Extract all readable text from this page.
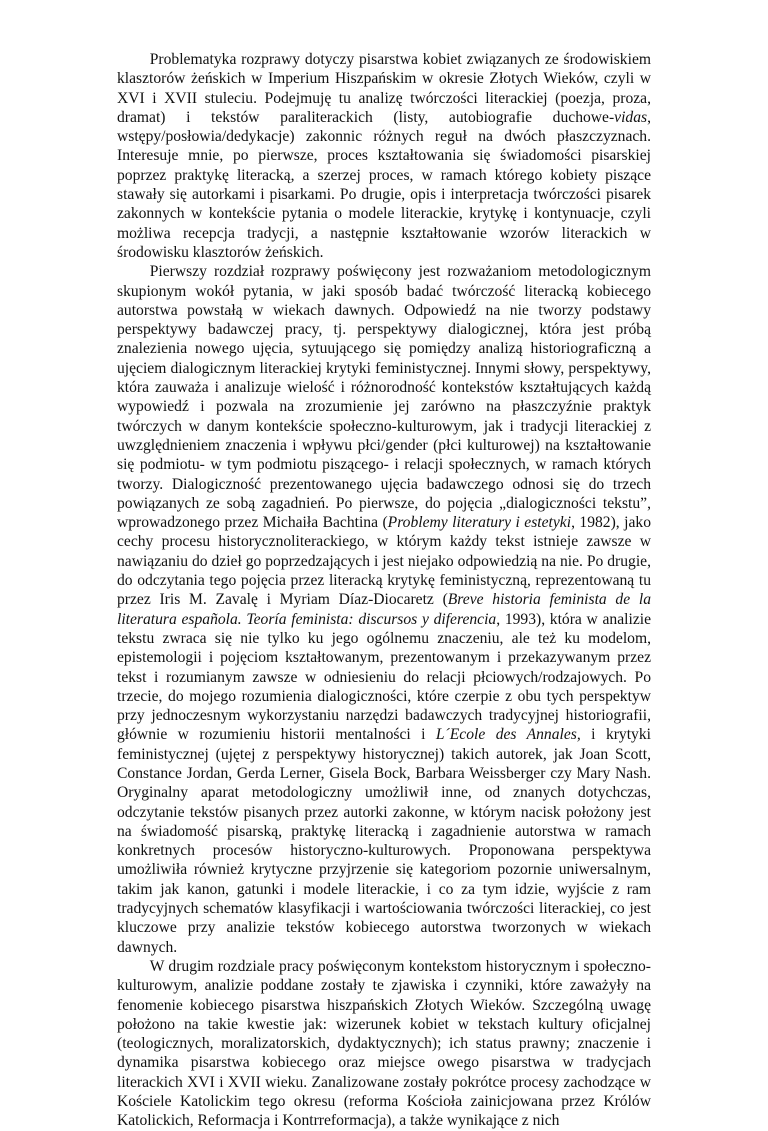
Problematyka rozprawy dotyczy pisarstwa kobiet związanych ze środowiskiem klasztorów żeńskich w Imperium Hiszpańskim w okresie Złotych Wieków, czyli w XVI i XVII stuleciu. Podejmuję tu analizę twórczości literackiej (poezja, proza, dramat) i tekstów paraliterackich (listy, autobiografie duchowe-vidas, wstępy/posłowia/dedykacje) zakonnic różnych reguł na dwóch płaszczyznach. Interesuje mnie, po pierwsze, proces kształtowania się świadomości pisarskiej poprzez praktykę literacką, a szerzej proces, w ramach którego kobiety piszące stawały się autorkami i pisarkami. Po drugie, opis i interpretacja twórczości pisarek zakonnych w kontekście pytania o modele literackie, krytykę i kontynuacje, czyli możliwa recepcja tradycji, a następnie kształtowanie wzorów literackich w środowisku klasztorów żeńskich.

Pierwszy rozdział rozprawy poświęcony jest rozważaniom metodologicznym skupionym wokół pytania, w jaki sposób badać twórczość literacką kobiecego autorstwa powstałą w wiekach dawnych. Odpowiedź na nie tworzy podstawy perspektywy badawczej pracy, tj. perspektywy dialogicznej, która jest próbą znalezienia nowego ujęcia, sytuującego się pomiędzy analizą historiograficzną a ujęciem dialogicznym literackiej krytyki feministycznej. Innymi słowy, perspektywy, która zauważa i analizuje wielość i różnorodność kontekstów kształtujących każdą wypowiedź i pozwala na zrozumienie jej zarówno na płaszczyźnie praktyk twórczych w danym kontekście społeczno-kulturowym, jak i tradycji literackiej z uwzględnieniem znaczenia i wpływu płci/gender (płci kulturowej) na kształtowanie się podmiotu- w tym podmiotu piszącego- i relacji społecznych, w ramach których tworzy. Dialogiczność prezentowanego ujęcia badawczego odnosi się do trzech powiązanych ze sobą zagadnień. Po pierwsze, do pojęcia „dialogiczności tekstu”, wprowadzonego przez Michaiła Bachtina (Problemy literatury i estetyki, 1982), jako cechy procesu historycznoliterackiego, w którym każdy tekst istnieje zawsze w nawiązaniu do dzieł go poprzedzających i jest niejako odpowiedzią na nie. Po drugie, do odczytania tego pojęcia przez literacką krytykę feministyczną, reprezentowaną tu przez Iris M. Zavalę i Myriam Díaz-Diocaretz (Breve historia feminista de la literatura española. Teoría feminista: discursos y diferencia, 1993), która w analizie tekstu zwraca się nie tylko ku jego ogólnemu znaczeniu, ale też ku modelom, epistemologii i pojęciom kształtowanym, prezentowanym i przekazywanym przez tekst i rozumianym zawsze w odniesieniu do relacji płciowych/rodzajowych. Po trzecie, do mojego rozumienia dialogiczności, które czerpie z obu tych perspektyw przy jednoczesnym wykorzystaniu narzędzi badawczych tradycyjnej historiografii, głównie w rozumieniu historii mentalności i L´Ecole des Annales, i krytyki feministycznej (ujętej z perspektywy historycznej) takich autorek, jak Joan Scott, Constance Jordan, Gerda Lerner, Gisela Bock, Barbara Weissberger czy Mary Nash. Oryginalny aparat metodologiczny umożliwił inne, od znanych dotychczas, odczytanie tekstów pisanych przez autorki zakonne, w którym nacisk położony jest na świadomość pisarską, praktykę literacką i zagadnienie autorstwa w ramach konkretnych procesów historyczno-kulturowych. Proponowana perspektywa umożliwiła również krytyczne przyjrzenie się kategoriom pozornie uniwersalnym, takim jak kanon, gatunki i modele literackie, i co za tym idzie, wyjście z ram tradycyjnych schematów klasyfikacji i wartościowania twórczości literackiej, co jest kluczowe przy analizie tekstów kobiecego autorstwa tworzonych w wiekach dawnych.

W drugim rozdziale pracy poświęconym kontekstom historycznym i społeczno-kulturowym, analizie poddane zostały te zjawiska i czynniki, które zaważyły na fenomenie kobiecego pisarstwa hiszpańskich Złotych Wieków. Szczególną uwagę położono na takie kwestie jak: wizerunek kobiet w tekstach kultury oficjalnej (teologicznych, moralizatorskich, dydaktycznych); ich status prawny; znaczenie i dynamika pisarstwa kobiecego oraz miejsce owego pisarstwa w tradycjach literackich XVI i XVII wieku. Zanalizowane zostały pokrótce procesy zachodzące w Kościele Katolickim tego okresu (reforma Kościoła zainicjowana przez Królów Katolickich, Reformacja i Kontrreformacja), a także wynikające z nich
